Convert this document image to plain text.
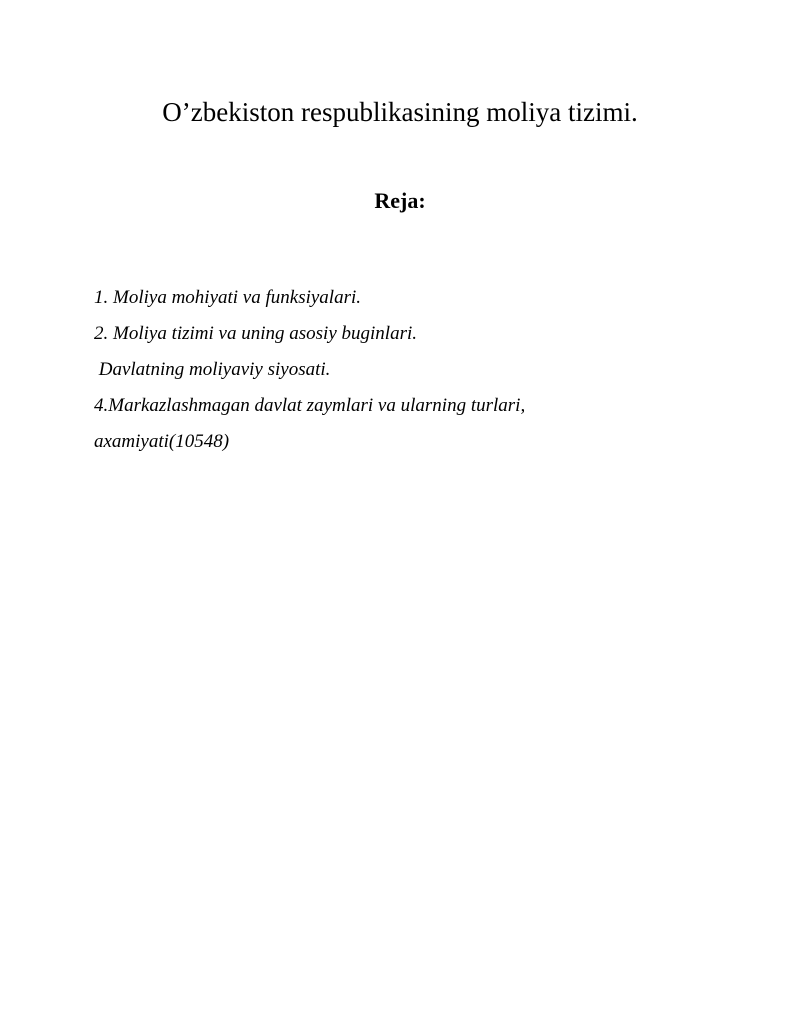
O’zbekiston respublikasining moliya tizimi.
Reja:
1. Moliya mohiyati va funksiyalari.
2. Moliya tizimi va uning asosiy buginlari.
Davlatning moliyaviy siyosati.
4.Markazlashmagan davlat zaymlari va ularning turlari,
axamiyati(10548)
